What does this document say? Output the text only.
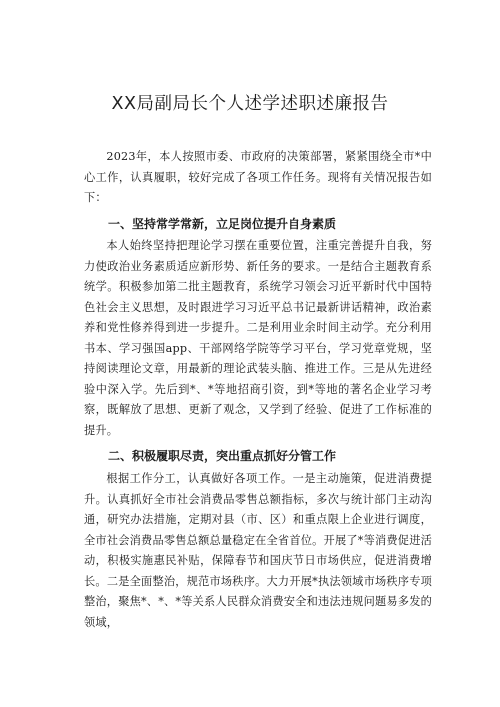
XX局副局长个人述学述职述廉报告

2023年，本人按照市委、市政府的决策部署，紧紧围绕全市*中心工作，认真履职，较好完成了各项工作任务。现将有关情况报告如下：

一、坚持常学常新，立足岗位提升自身素质

本人始终坚持把理论学习摆在重要位置，注重完善提升自我，努力使政治业务素质适应新形势、新任务的要求。一是结合主题教育系统学。积极参加第二批主题教育，系统学习领会习近平新时代中国特色社会主义思想，及时跟进学习习近平总书记最新讲话精神，政治素养和党性修养得到进一步提升。二是利用业余时间主动学。充分利用书本、学习强国app、干部网络学院等学习平台，学习党章党规，坚持阅读理论文章，用最新的理论武装头脑、推进工作。三是从先进经验中深入学。先后到*、*等地招商引资，到*等地的著名企业学习考察，既解放了思想、更新了观念，又学到了经验、促进了工作标准的提升。

二、积极履职尽责，突出重点抓好分管工作

根据工作分工，认真做好各项工作。一是主动施策，促进消费提升。认真抓好全市社会消费品零售总额指标，多次与统计部门主动沟通，研究办法措施，定期对县（市、区）和重点限上企业进行调度，全市社会消费品零售总额总量稳定在全省首位。开展了*等消费促进活动，积极实施惠民补贴，保障春节和国庆节日市场供应，促进消费增长。二是全面整治，规范市场秩序。大力开展*执法领域市场秩序专项整治，聚焦*、*、*等关系人民群众消费安全和违法违规问题易多发的领域，
